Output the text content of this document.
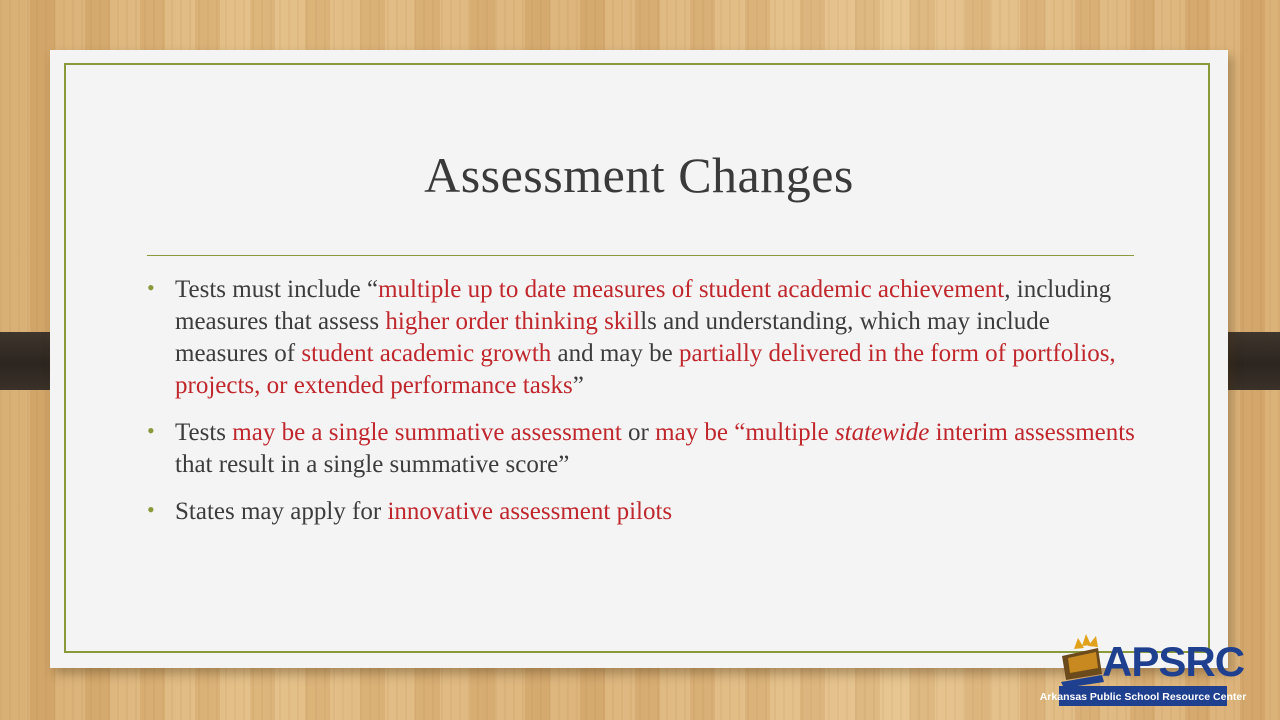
Assessment Changes
• Tests must include “multiple up to date measures of student academic achievement, including measures that assess higher order thinking skills and understanding, which may include measures of student academic growth and may be partially delivered in the form of portfolios, projects, or extended performance tasks”
• Tests may be a single summative assessment or may be “multiple statewide interim assessments that result in a single summative score”
• States may apply for innovative assessment pilots
APSRC
Arkansas Public School Resource Center
